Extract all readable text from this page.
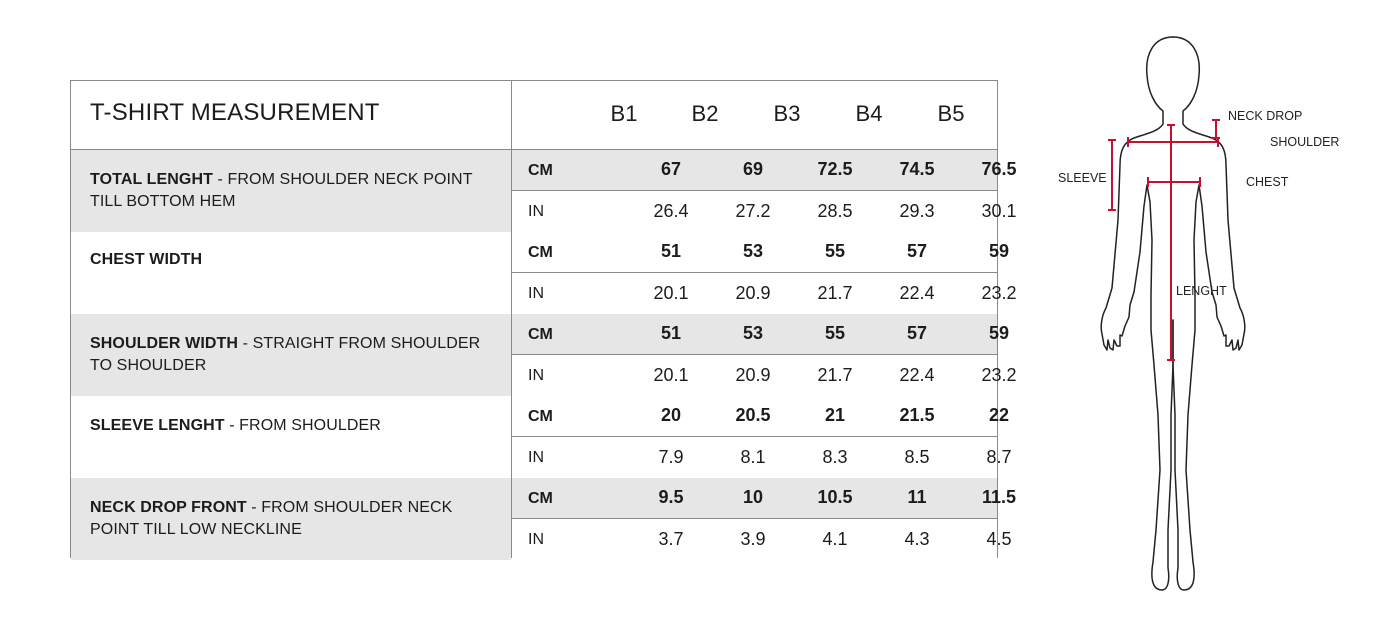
T-SHIRT MEASUREMENT	B1	B2	B3	B4	B5
TOTAL LENGHT - FROM SHOULDER NECK POINT TILL BOTTOM HEM
CM	67	69	72.5	74.5	76.5
IN	26.4	27.2	28.5	29.3	30.1
CHEST WIDTH	CM	51	53	55	57	59
IN	20.1	20.9	21.7	22.4	23.2
SHOULDER WIDTH - STRAIGHT FROM SHOULDER TO SHOULDER
CM	51	53	55	57	59
IN	20.1	20.9	21.7	22.4	23.2
SLEEVE LENGHT - FROM SHOULDER
CM	20	20.5	21	21.5	22
IN	7.9	8.1	8.3	8.5	8.7
NECK DROP FRONT - FROM SHOULDER NECK POINT TILL LOW NECKLINE
CM	9.5	10	10.5	11	11.5
IN	3.7	3.9	4.1	4.3	4.5
NECK DROP
SHOULDER
SLEEVE	CHEST
LENGHT
